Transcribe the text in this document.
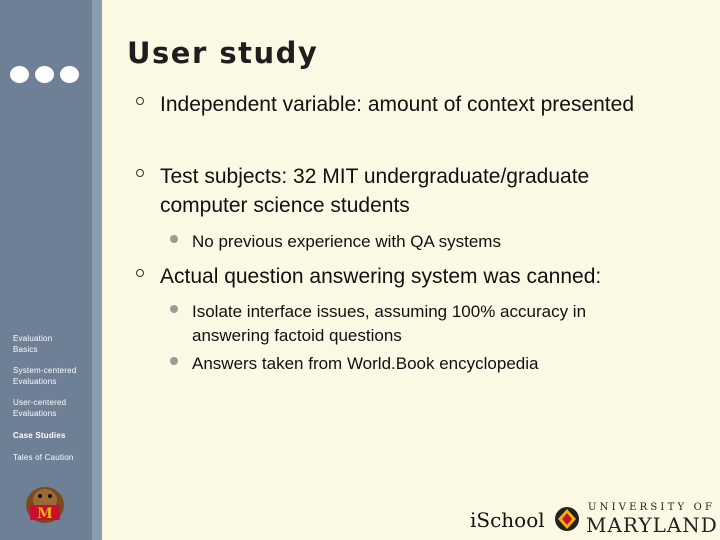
Evaluation
Basics
System-centered
Evaluations
User-centered
Evaluations
Case Studies
Tales of Caution
M
User study
Independent variable: amount of context presented
Test subjects: 32 MIT undergraduate/graduate computer science students
No previous experience with QA systems
Actual question answering system was canned:
Isolate interface issues, assuming 100% accuracy in answering factoid questions
Answers taken from World.Book encyclopedia
iSchool
UNIVERSITY OF
MARYLAND
